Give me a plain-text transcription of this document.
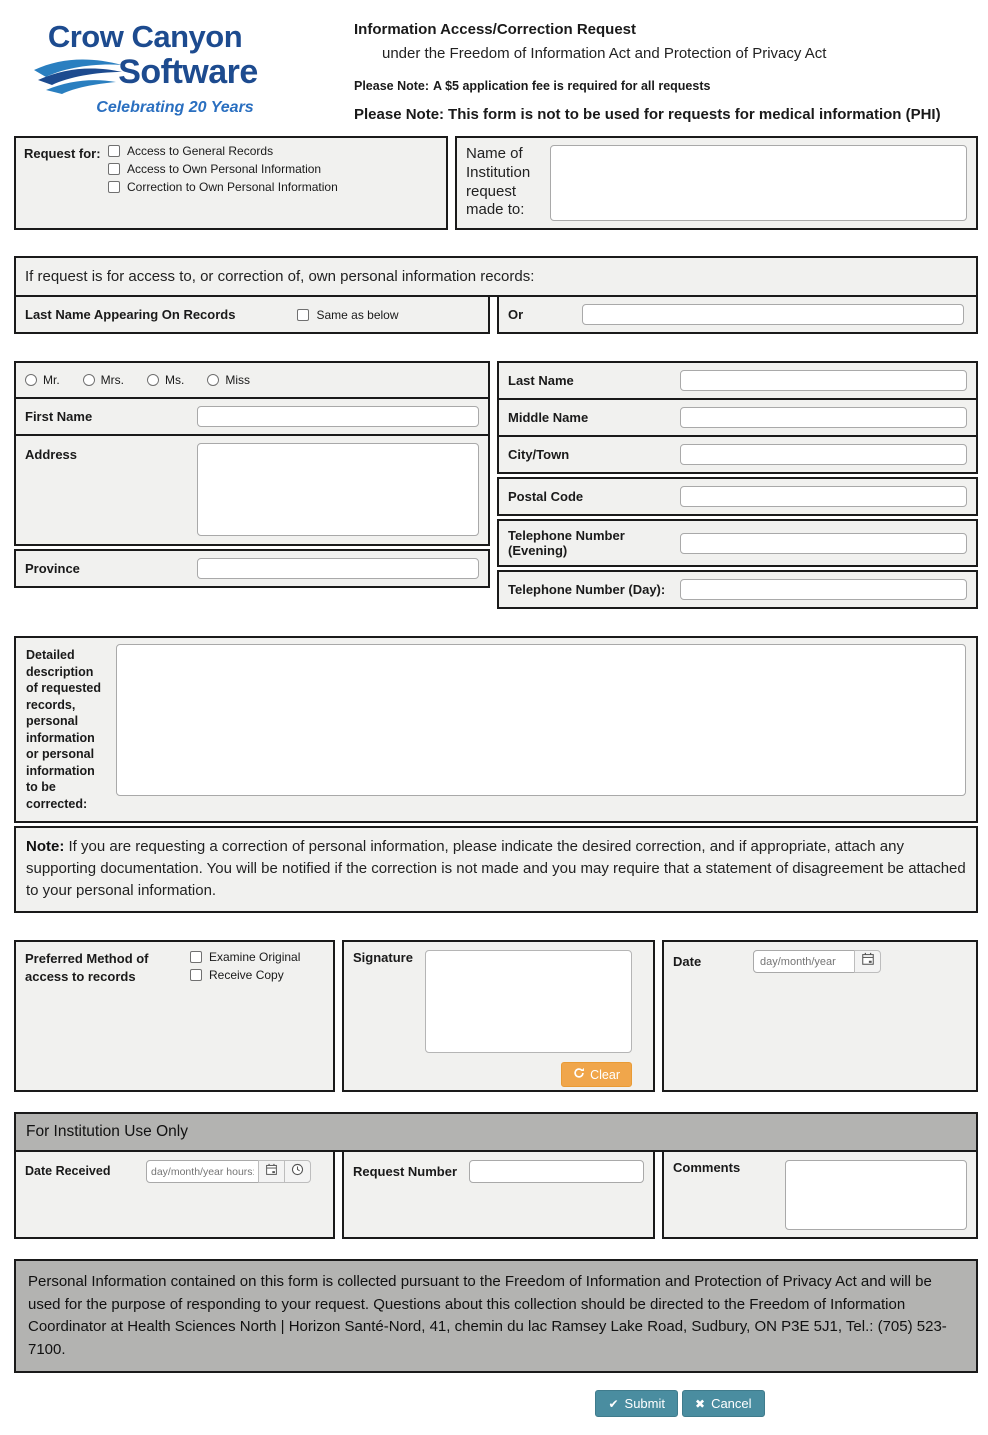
Crow Canyon
Software
Celebrating 20 Years
Information Access/Correction Request
under the Freedom of Information Act and Protection of Privacy Act
Please Note: A $5 application fee is required for all requests
Please Note: This form is not to be used for requests for medical information (PHI)
Request for:	Access to General Records
Access to Own Personal Information
Correction to Own Personal Information
Name of Institution request made to:
If request is for access to, or correction of, own personal information records:
Last Name Appearing On Records	Same as below	Or
Mr.	Mrs.	Ms.	Miss
First Name
Address
Province
Last Name
Middle Name
City/Town
Postal Code
Telephone Number (Evening)
Telephone Number (Day):
Detailed description of requested records, personal information or personal information to be corrected:
Note: If you are requesting a correction of personal information, please indicate the desired correction, and if appropriate, attach any supporting documentation. You will be notified if the correction is not made and you may require that a statement of disagreement be attached to your personal information.
Preferred Method of access to records
Examine Original
Receive Copy
Signature
Clear
Date
day/month/year
For Institution Use Only
Date Received
day/month/year hours:m	Request Number	Comments
Personal Information contained on this form is collected pursuant to the Freedom of Information and Protection of Privacy Act and will be used for the purpose of responding to your request. Questions about this collection should be directed to the Freedom of Information Coordinator at Health Sciences North | Horizon Santé-Nord, 41, chemin du lac Ramsey Lake Road, Sudbury, ON P3E 5J1, Tel.: (705) 523-7100.
✔ Submit	✖ Cancel
